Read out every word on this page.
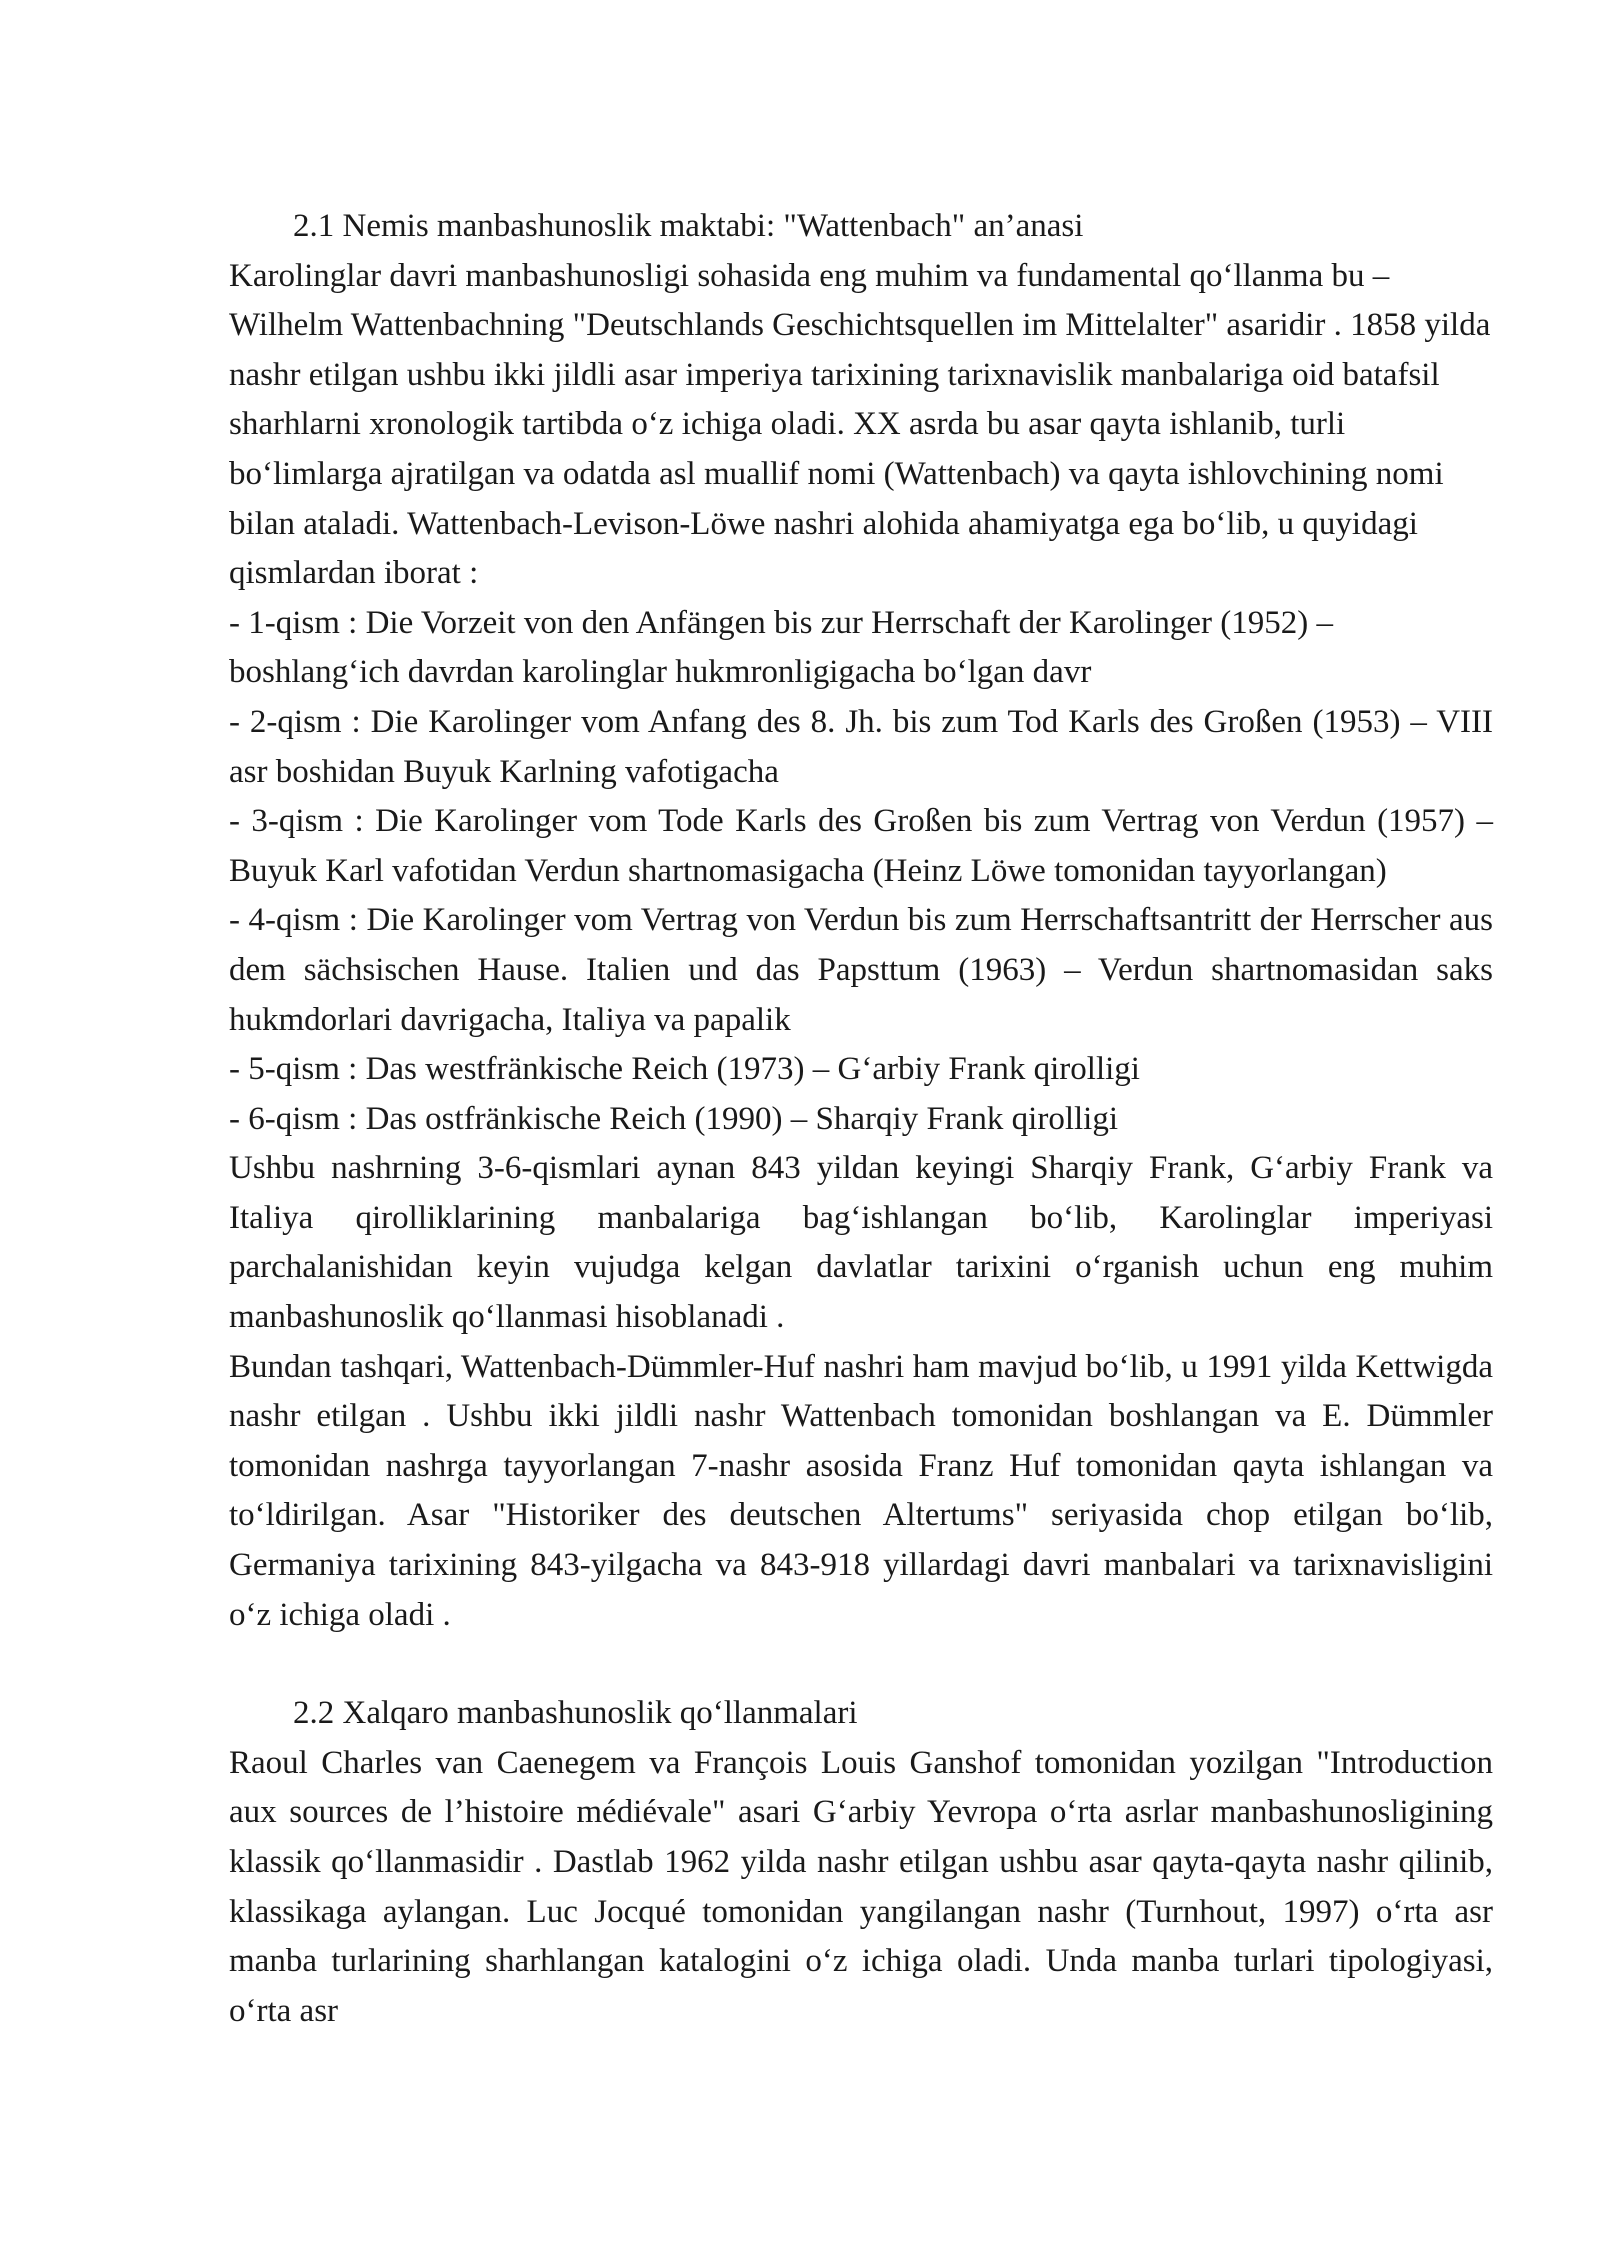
2.1 Nemis manbashunoslik maktabi: "Wattenbach" an’anasi
Karolinglar davri manbashunosligi sohasida eng muhim va fundamental qo‘llanma bu – Wilhelm Wattenbachning "Deutschlands Geschichtsquellen im Mittelalter" asaridir . 1858 yilda nashr etilgan ushbu ikki jildli asar imperiya tarixining tarixnavislik manbalariga oid batafsil sharhlarni xronologik tartibda o‘z ichiga oladi. XX asrda bu asar qayta ishlanib, turli bo‘limlarga ajratilgan va odatda asl muallif nomi (Wattenbach) va qayta ishlovchining nomi bilan ataladi. Wattenbach-Levison-Löwe nashri alohida ahamiyatga ega bo‘lib, u quyidagi qismlardan iborat :
- 1-qism : Die Vorzeit von den Anfängen bis zur Herrschaft der Karolinger (1952) – boshlang‘ich davrdan karolinglar hukmronligigacha bo‘lgan davr
- 2-qism : Die Karolinger vom Anfang des 8. Jh. bis zum Tod Karls des Großen (1953) – VIII asr boshidan Buyuk Karlning vafotigacha
- 3-qism : Die Karolinger vom Tode Karls des Großen bis zum Vertrag von Verdun (1957) – Buyuk Karl vafotidan Verdun shartnomasigacha (Heinz Löwe tomonidan tayyorlangan)
- 4-qism : Die Karolinger vom Vertrag von Verdun bis zum Herrschaftsantritt der Herrscher aus dem sächsischen Hause. Italien und das Papsttum (1963) – Verdun shartnomasidan saks hukmdorlari davrigacha, Italiya va papalik
- 5-qism : Das westfränkische Reich (1973) – G‘arbiy Frank qirolligi
- 6-qism : Das ostfränkische Reich (1990) – Sharqiy Frank qirolligi
Ushbu nashrning 3-6-qismlari aynan 843 yildan keyingi Sharqiy Frank, G‘arbiy Frank va Italiya qirolliklarining manbalariga bag‘ishlangan bo‘lib, Karolinglar imperiyasi parchalanishidan keyin vujudga kelgan davlatlar tarixini o‘rganish uchun eng muhim manbashunoslik qo‘llanmasi hisoblanadi .
Bundan tashqari, Wattenbach-Dümmler-Huf nashri ham mavjud bo‘lib, u 1991 yilda Kettwigda nashr etilgan . Ushbu ikki jildli nashr Wattenbach tomonidan boshlangan va E. Dümmler tomonidan nashrga tayyorlangan 7-nashr asosida Franz Huf tomonidan qayta ishlangan va to‘ldirilgan. Asar "Historiker des deutschen Altertums" seriyasida chop etilgan bo‘lib, Germaniya tarixining 843-yilgacha va 843-918 yillardagi davri manbalari va tarixnavisligini o‘z ichiga oladi .
2.2 Xalqaro manbashunoslik qo‘llanmalari
Raoul Charles van Caenegem va François Louis Ganshof tomonidan yozilgan "Introduction aux sources de l’histoire médiévale" asari G‘arbiy Yevropa o‘rta asrlar manbashunosligining klassik qo‘llanmasidir . Dastlab 1962 yilda nashr etilgan ushbu asar qayta-qayta nashr qilinib, klassikaga aylangan. Luc Jocqué tomonidan yangilangan nashr (Turnhout, 1997) o‘rta asr manba turlarining sharhlangan katalogini o‘z ichiga oladi. Unda manba turlari tipologiyasi, o‘rta asr
